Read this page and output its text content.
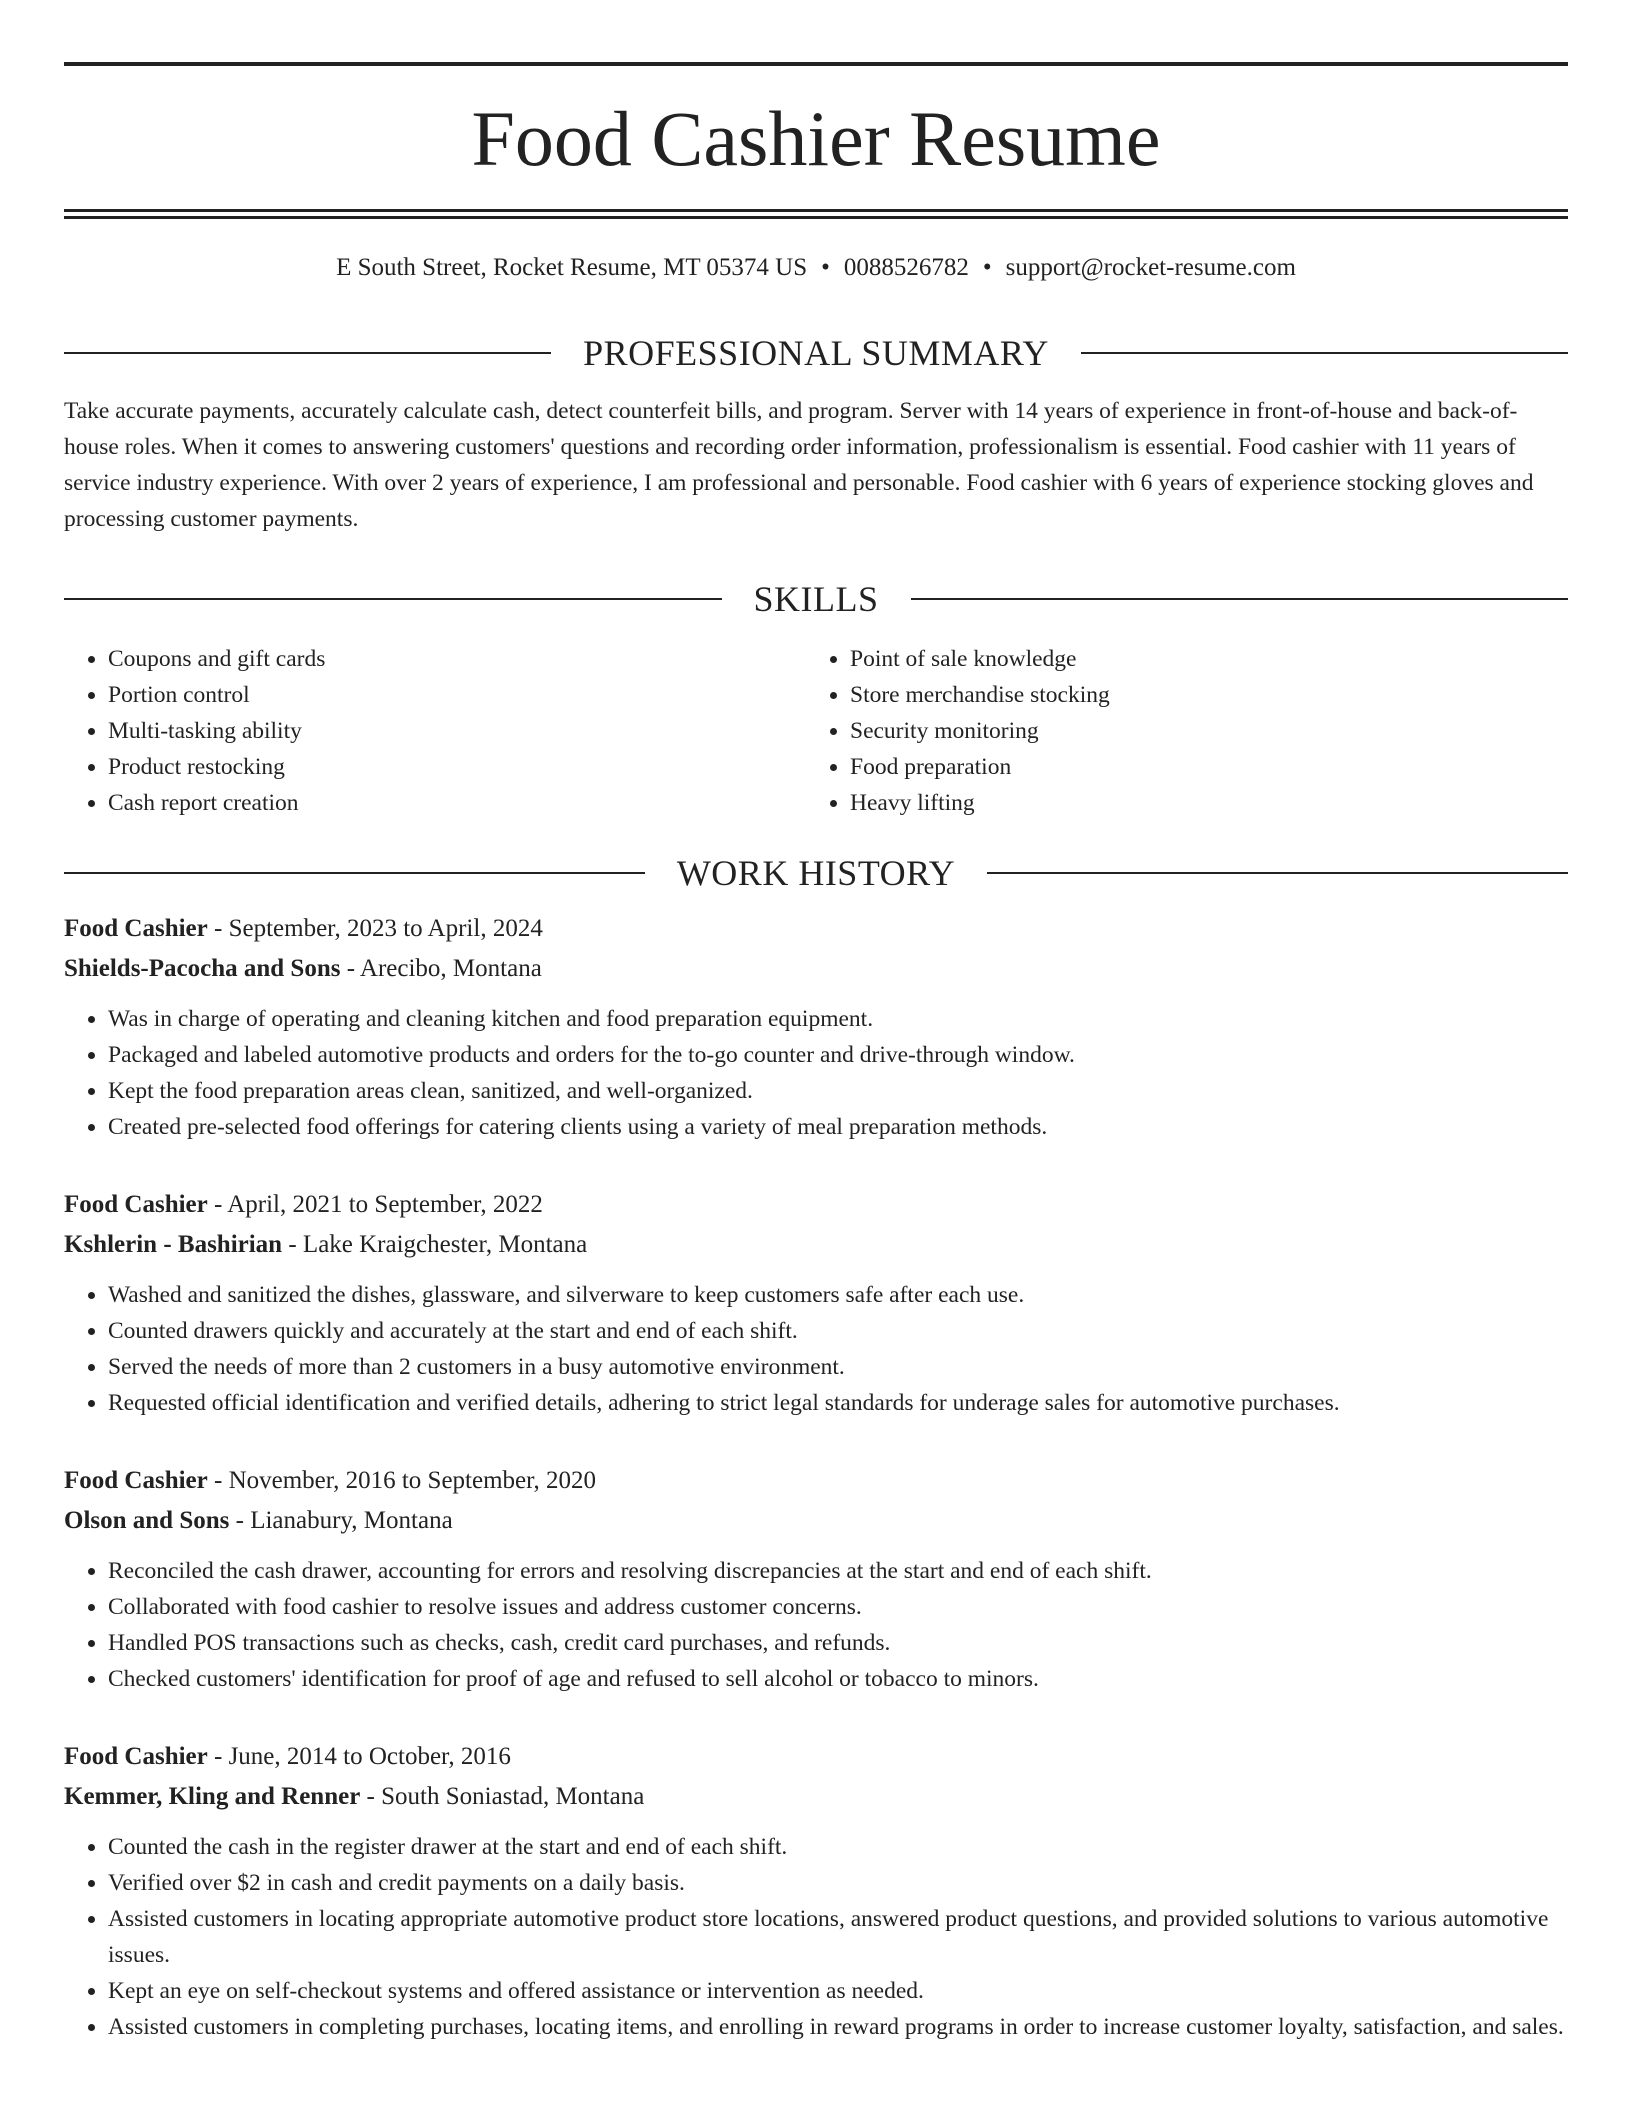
Food Cashier Resume
E South Street, Rocket Resume, MT 05374 US • 0088526782 • support@rocket-resume.com
PROFESSIONAL SUMMARY

Take accurate payments, accurately calculate cash, detect counterfeit bills, and program. Server with 14 years of experience in front-of-house and back-of-house roles. When it comes to answering customers' questions and recording order information, professionalism is essential. Food cashier with 11 years of service industry experience. With over 2 years of experience, I am professional and personable. Food cashier with 6 years of experience stocking gloves and processing customer payments.

SKILLS
• Coupons and gift cards
• Portion control
• Multi-tasking ability
• Product restocking
• Cash report creation
• Point of sale knowledge
• Store merchandise stocking
• Security monitoring
• Food preparation
• Heavy lifting
WORK HISTORY
Food Cashier - September, 2023 to April, 2024
Shields-Pacocha and Sons - Arecibo, Montana
• Was in charge of operating and cleaning kitchen and food preparation equipment.
• Packaged and labeled automotive products and orders for the to-go counter and drive-through window.
• Kept the food preparation areas clean, sanitized, and well-organized.
• Created pre-selected food offerings for catering clients using a variety of meal preparation methods.
Food Cashier - April, 2021 to September, 2022
Kshlerin - Bashirian - Lake Kraigchester, Montana
• Washed and sanitized the dishes, glassware, and silverware to keep customers safe after each use.
• Counted drawers quickly and accurately at the start and end of each shift.
• Served the needs of more than 2 customers in a busy automotive environment.
• Requested official identification and verified details, adhering to strict legal standards for underage sales for automotive purchases.
Food Cashier - November, 2016 to September, 2020
Olson and Sons - Lianabury, Montana
• Reconciled the cash drawer, accounting for errors and resolving discrepancies at the start and end of each shift.
• Collaborated with food cashier to resolve issues and address customer concerns.
• Handled POS transactions such as checks, cash, credit card purchases, and refunds.
• Checked customers' identification for proof of age and refused to sell alcohol or tobacco to minors.
Food Cashier - June, 2014 to October, 2016
Kemmer, Kling and Renner - South Soniastad, Montana
• Counted the cash in the register drawer at the start and end of each shift.
• Verified over $2 in cash and credit payments on a daily basis.
• Assisted customers in locating appropriate automotive product store locations, answered product questions, and provided solutions to various automotive issues.
• Kept an eye on self-checkout systems and offered assistance or intervention as needed.
• Assisted customers in completing purchases, locating items, and enrolling in reward programs in order to increase customer loyalty, satisfaction, and sales.
